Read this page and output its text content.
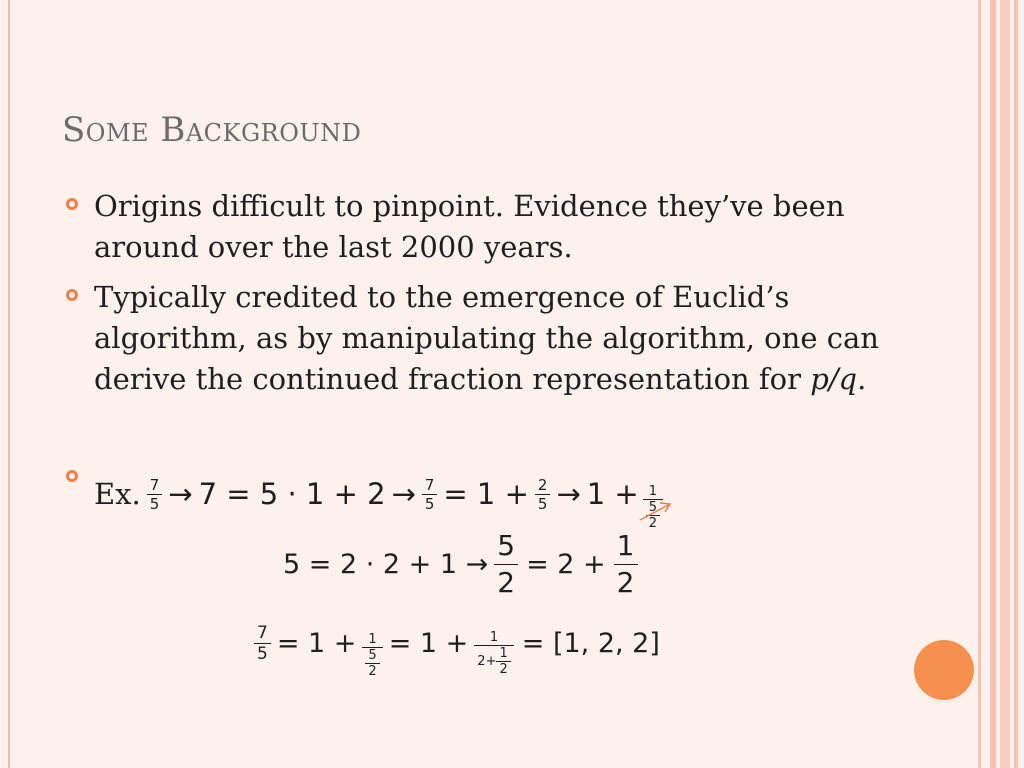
Some Background
Origins difficult to pinpoint. Evidence they’ve been around over the last 2000 years.
Typically credited to the emergence of Euclid’s algorithm, as by manipulating the algorithm, one can derive the continued fraction representation for p/q.
Ex. $\frac{7}{5} \to 7 = 5 \cdot 1 + 2 \to \frac{7}{5} = 1 + \frac{2}{5} \to 1 + \frac{1}{\frac{5}{2}}$
$5 = 2 \cdot 2 + 1 \to \frac{5}{2} = 2 + \frac{1}{2}$
$\frac{7}{5} = 1 + \frac{1}{\frac{5}{2}} = 1 + \frac{1}{2+ \frac{1}{2}} = [1$, 2, 2]
